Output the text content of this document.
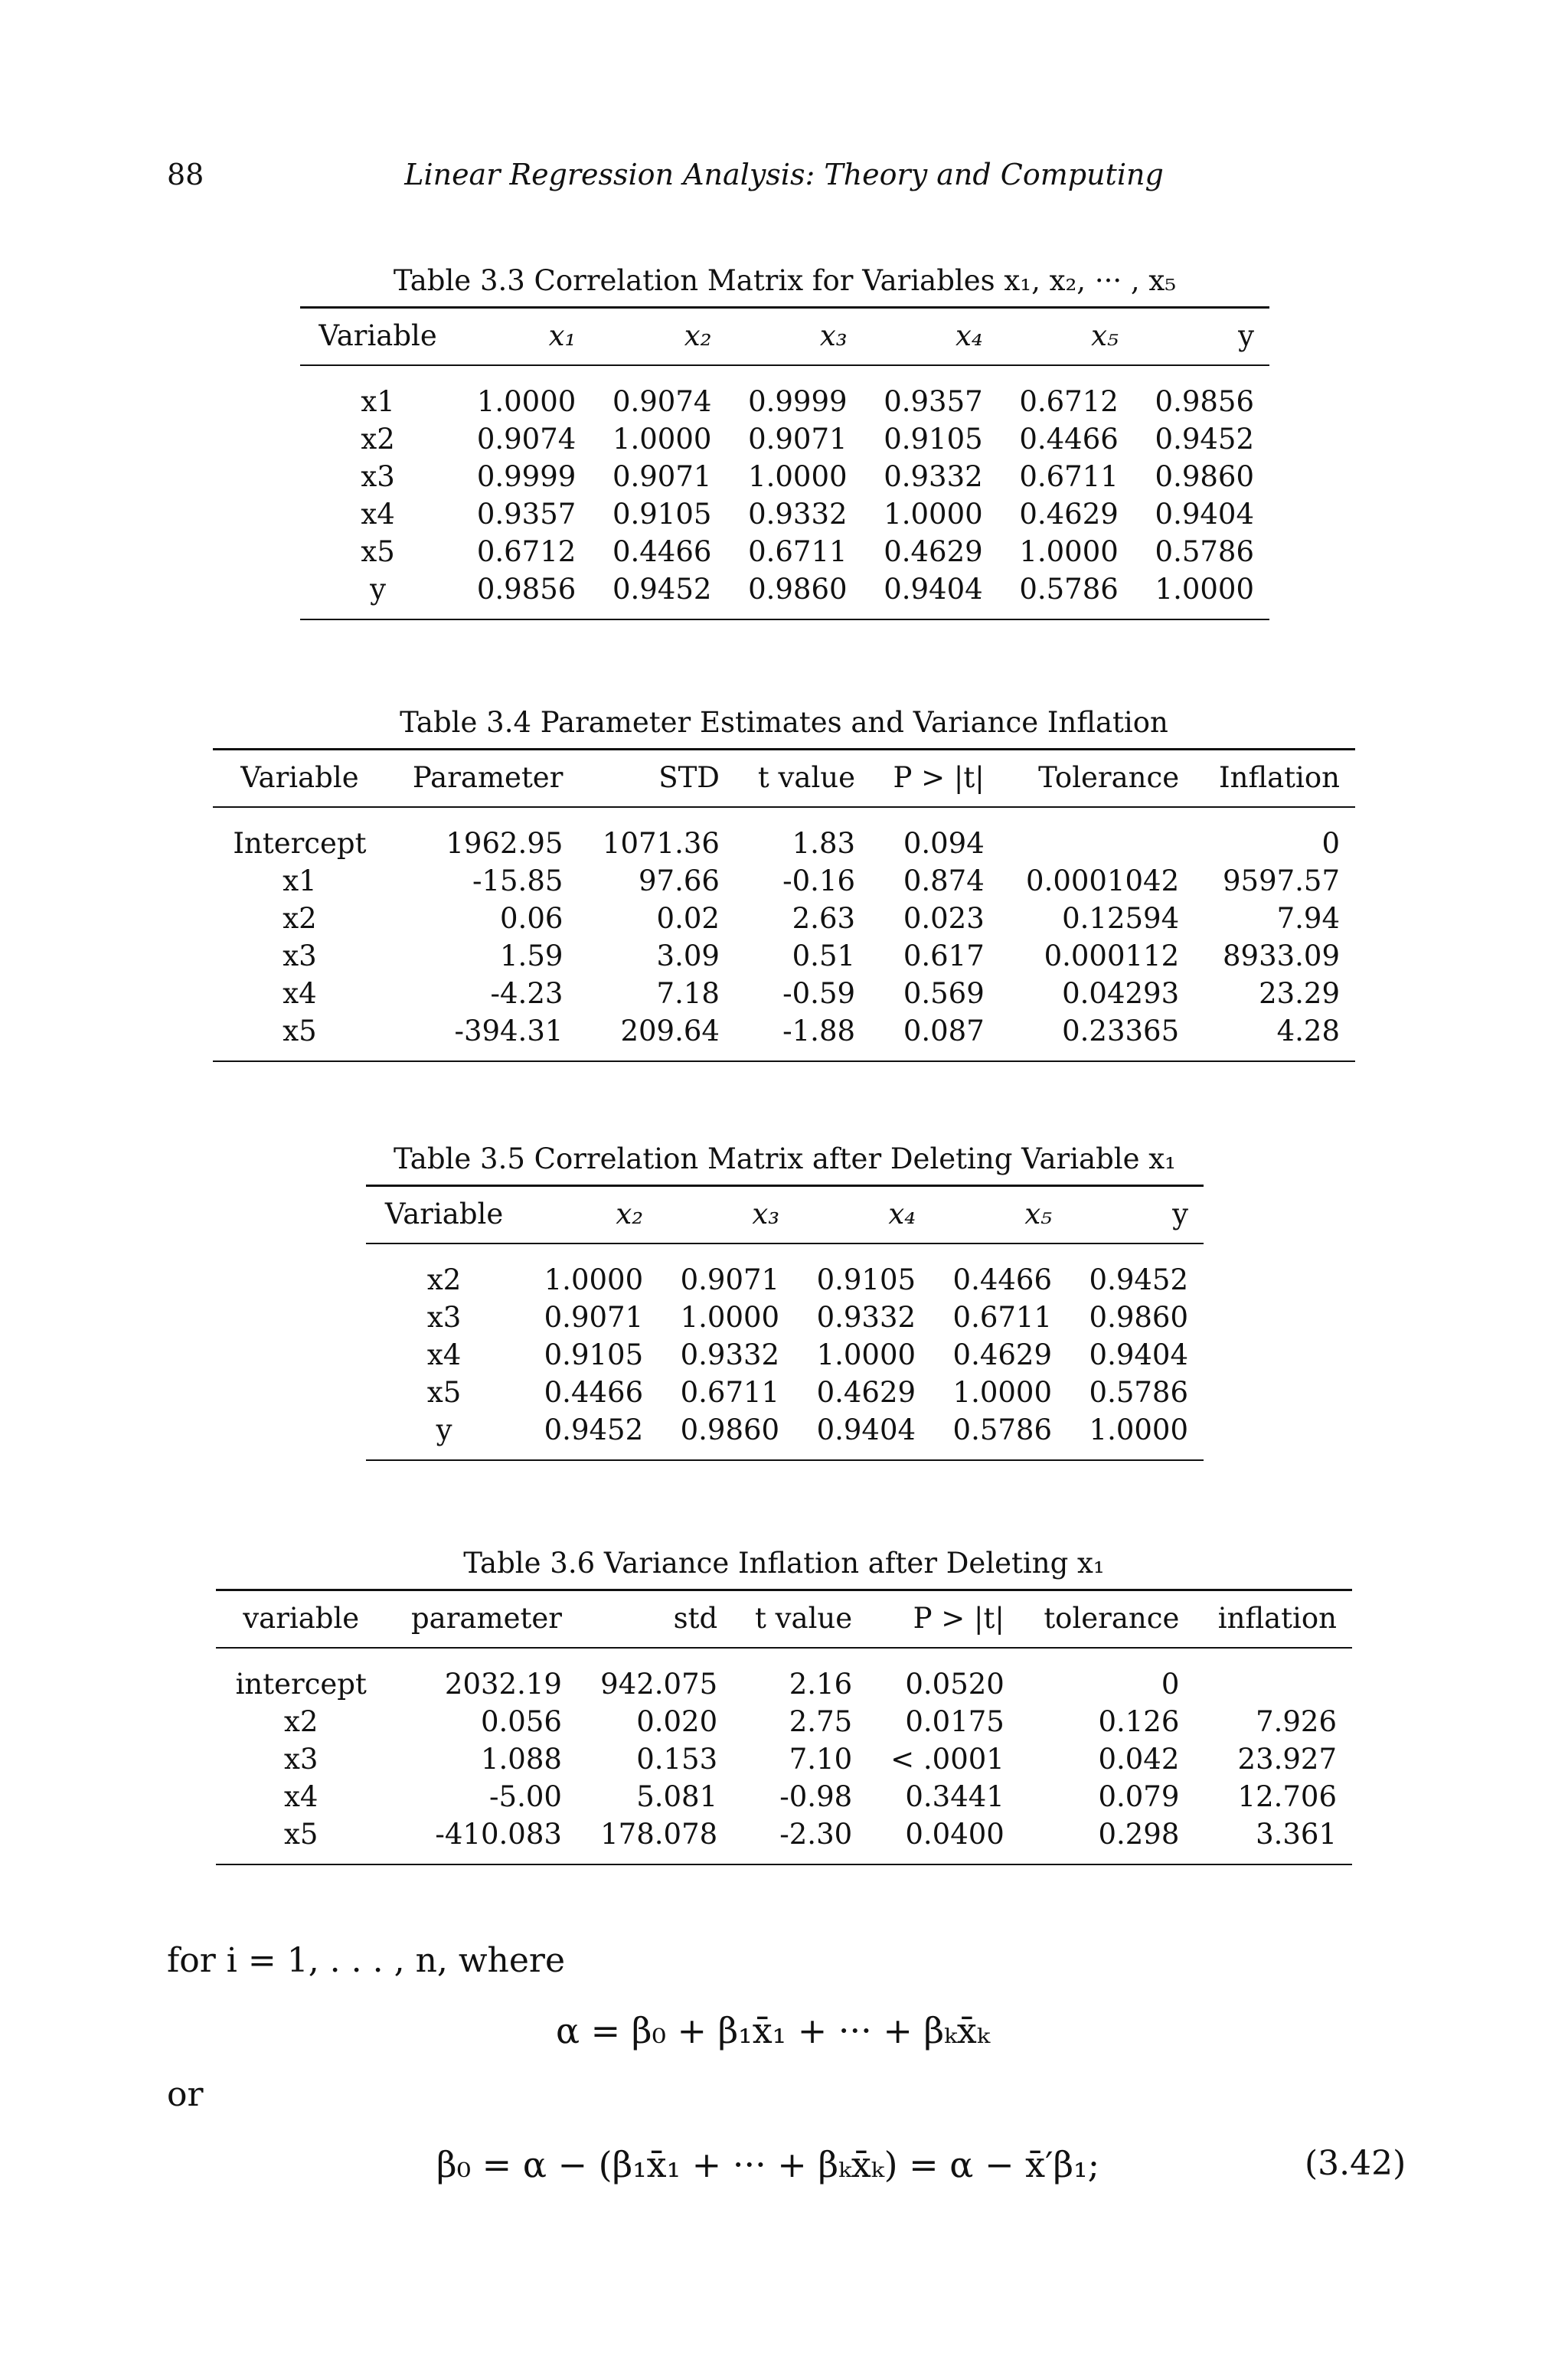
88	Linear Regression Analysis: Theory and Computing
Table 3.3 Correlation Matrix for Variables x₁, x₂, ··· , x₅
Variable	x₁	x₂	x₃	x₄	x₅	y
x1	1.0000	0.9074	0.9999	0.9357	0.6712	0.9856
x2	0.9074	1.0000	0.9071	0.9105	0.4466	0.9452
x3	0.9999	0.9071	1.0000	0.9332	0.6711	0.9860
x4	0.9357	0.9105	0.9332	1.0000	0.4629	0.9404
x5	0.6712	0.4466	0.6711	0.4629	1.0000	0.5786
y	0.9856	0.9452	0.9860	0.9404	0.5786	1.0000
Table 3.4 Parameter Estimates and Variance Inflation
Variable	Parameter	STD	t value	P > |t|	Tolerance	Inflation
Intercept	1962.95	1071.36	1.83	0.094		0
x1	-15.85	97.66	-0.16	0.874	0.0001042	9597.57
x2	0.06	0.02	2.63	0.023	0.12594	7.94
x3	1.59	3.09	0.51	0.617	0.000112	8933.09
x4	-4.23	7.18	-0.59	0.569	0.04293	23.29
x5	-394.31	209.64	-1.88	0.087	0.23365	4.28
Table 3.5 Correlation Matrix after Deleting Variable x₁
Variable	x₂	x₃	x₄	x₅	y
x2	1.0000	0.9071	0.9105	0.4466	0.9452
x3	0.9071	1.0000	0.9332	0.6711	0.9860
x4	0.9105	0.9332	1.0000	0.4629	0.9404
x5	0.4466	0.6711	0.4629	1.0000	0.5786
y	0.9452	0.9860	0.9404	0.5786	1.0000
Table 3.6 Variance Inflation after Deleting x₁
variable	parameter	std	t value	P > |t|	tolerance	inflation
intercept	2032.19	942.075	2.16	0.0520	0	
x2	0.056	0.020	2.75	0.0175	0.126	7.926
x3	1.088	0.153	7.10	< .0001	0.042	23.927
x4	-5.00	5.081	-0.98	0.3441	0.079	12.706
x5	-410.083	178.078	-2.30	0.0400	0.298	3.361
for i = 1, . . . , n, where
α = β₀ + β₁x̄₁ + ··· + βₖx̄ₖ
or
β₀ = α − (β₁x̄₁ + ··· + βₖx̄ₖ) = α − x̄′β₁;	(3.42)
